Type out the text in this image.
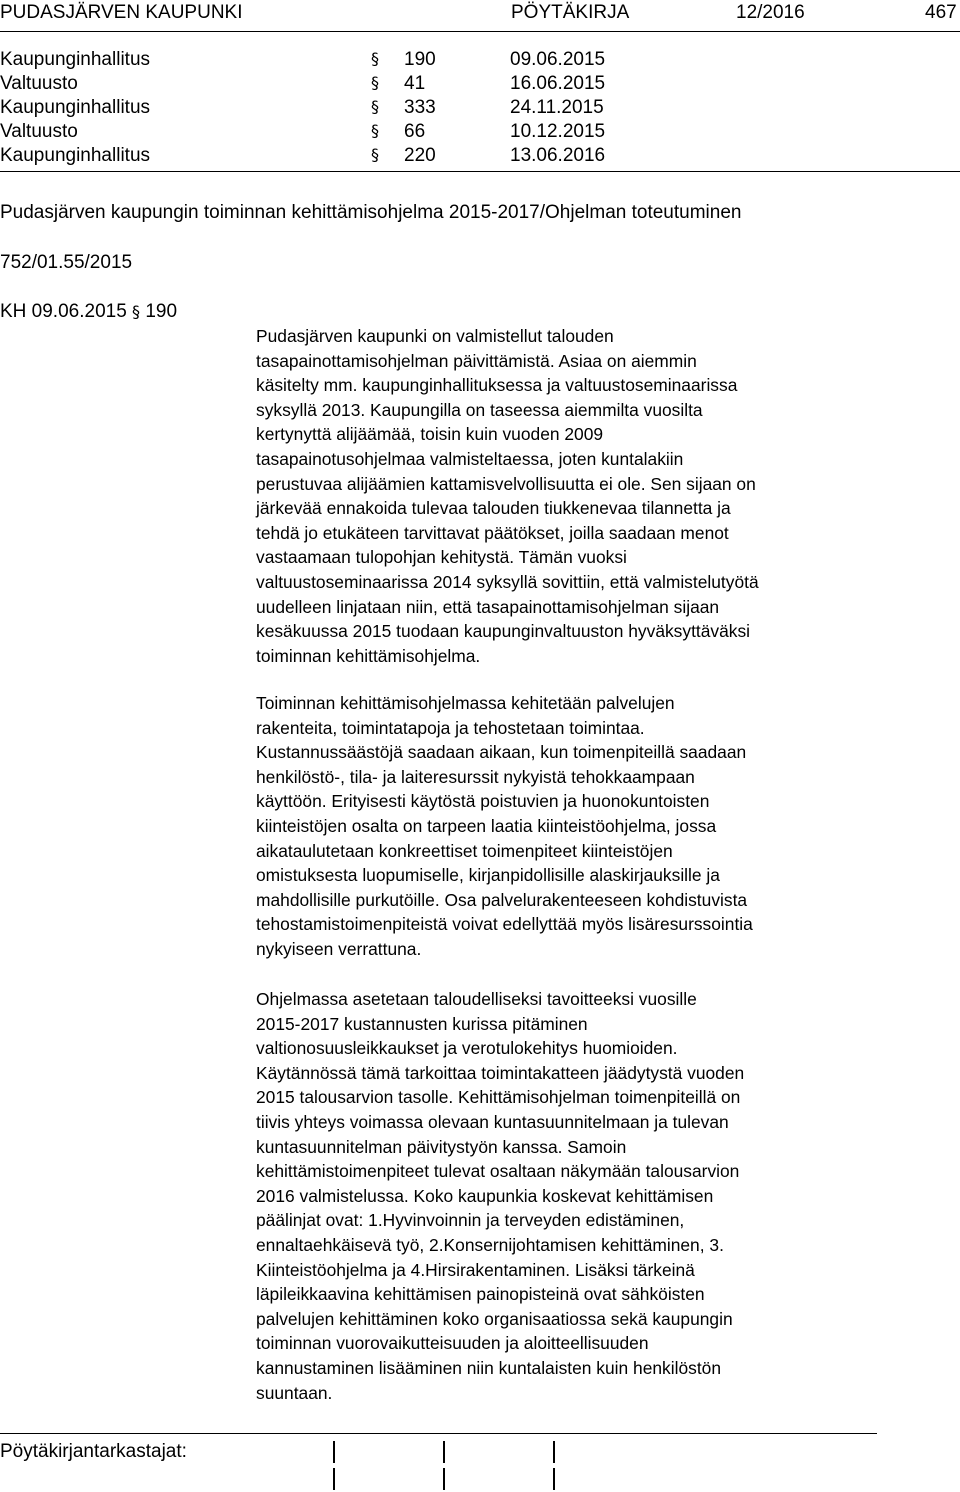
PUDASJÄRVEN KAUPUNKI	PÖYTÄKIRJA	12/2016	467
Kaupunginhallitus	§ 190	09.06.2015
Valtuusto	§ 41	16.06.2015
Kaupunginhallitus	§ 333	24.11.2015
Valtuusto	§ 66	10.12.2015
Kaupunginhallitus	§ 220	13.06.2016
Pudasjärven kaupungin toiminnan kehittämisohjelma 2015-2017/Ohjelman toteutuminen
752/01.55/2015
KH 09.06.2015 § 190

Pudasjärven kaupunki on valmistellut talouden
tasapainottamisohjelman päivittämistä. Asiaa on aiemmin
käsitelty mm. kaupunginhallituksessa ja valtuustoseminaarissa
syksyllä 2013. Kaupungilla on taseessa aiemmilta vuosilta
kertynyttä alijäämää, toisin kuin vuoden 2009
tasapainotusohjelmaa valmisteltaessa, joten kuntalakiin
perustuvaa alijäämien kattamisvelvollisuutta ei ole. Sen sijaan on
järkevää ennakoida tulevaa talouden tiukkenevaa tilannetta ja
tehdä jo etukäteen tarvittavat päätökset, joilla saadaan menot
vastaamaan tulopohjan kehitystä. Tämän vuoksi
valtuustoseminaarissa 2014 syksyllä sovittiin, että valmistelutyötä
uudelleen linjataan niin, että tasapainottamisohjelman sijaan
kesäkuussa 2015 tuodaan kaupunginvaltuuston hyväksyttäväksi
toiminnan kehittämisohjelma.

Toiminnan kehittämisohjelmassa kehitetään palvelujen
rakenteita, toimintatapoja ja tehostetaan toimintaa.
Kustannussäästöjä saadaan aikaan, kun toimenpiteillä saadaan
henkilöstö-, tila- ja laiteresurssit nykyistä tehokkaampaan
käyttöön. Erityisesti käytöstä poistuvien ja huonokuntoisten
kiinteistöjen osalta on tarpeen laatia kiinteistöohjelma, jossa
aikataulutetaan konkreettiset toimenpiteet kiinteistöjen
omistuksesta luopumiselle, kirjanpidollisille alaskirjauksille ja
mahdollisille purkutöille. Osa palvelurakenteeseen kohdistuvista
tehostamistoimenpiteistä voivat edellyttää myös lisäresurssointia
nykyiseen verrattuna.

Ohjelmassa asetetaan taloudelliseksi tavoitteeksi vuosille
2015-2017 kustannusten kurissa pitäminen
valtionosuusleikkaukset ja verotulokehitys huomioiden.
Käytännössä tämä tarkoittaa toimintakatteen jäädytystä vuoden
2015 talousarvion tasolle. Kehittämisohjelman toimenpiteillä on
tiivis yhteys voimassa olevaan kuntasuunnitelmaan ja tulevan
kuntasuunnitelman päivitystyön kanssa. Samoin
kehittämistoimenpiteet tulevat osaltaan näkymään talousarvion
2016 valmistelussa. Koko kaupunkia koskevat kehittämisen
päälinjat ovat: 1.Hyvinvoinnin ja terveyden edistäminen,
ennaltaehkäisevä työ, 2.Konsernijohtamisen kehittäminen, 3.
Kiinteistöohjelma ja 4.Hirsirakentaminen. Lisäksi tärkeinä
läpileikkaavina kehittämisen painopisteinä ovat sähköisten
palvelujen kehittäminen koko organisaatiossa sekä kaupungin
toiminnan vuorovaikutteisuuden ja aloitteellisuuden
kannustaminen lisääminen niin kuntalaisten kuin henkilöstön
suuntaan.

Pöytäkirjantarkastajat:
